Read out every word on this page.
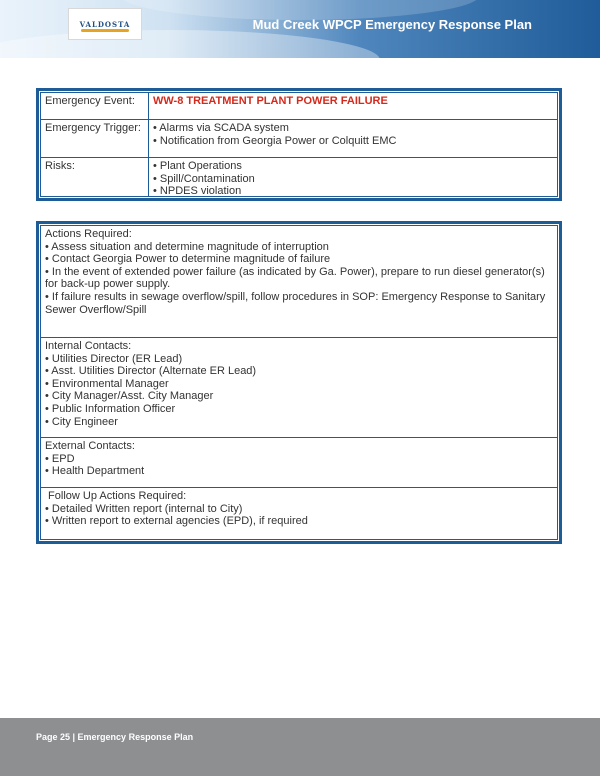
VALDOSTA	Mud Creek WPCP Emergency Response Plan
Emergency Event:	WW-8 TREATMENT PLANT POWER FAILURE
Emergency Trigger:	• Alarms via SCADA system
• Notification from Georgia Power or Colquitt EMC
Risks:	• Plant Operations
• Spill/Contamination
• NPDES violation
Actions Required:
• Assess situation and determine magnitude of interruption
• Contact Georgia Power to determine magnitude of failure
• In the event of extended power failure (as indicated by Ga. Power), prepare to run diesel generator(s) for back-up power supply.
• If failure results in sewage overflow/spill, follow procedures in SOP: Emergency Response to Sanitary Sewer Overflow/Spill
Internal Contacts:
• Utilities Director (ER Lead)
• Asst. Utilities Director (Alternate ER Lead)
• Environmental Manager
• City Manager/Asst. City Manager
• Public Information Officer
• City Engineer
External Contacts:
• EPD
• Health Department
Follow Up Actions Required:
• Detailed Written report (internal to City)
• Written report to external agencies (EPD), if required
Page 25 | Emergency Response Plan
